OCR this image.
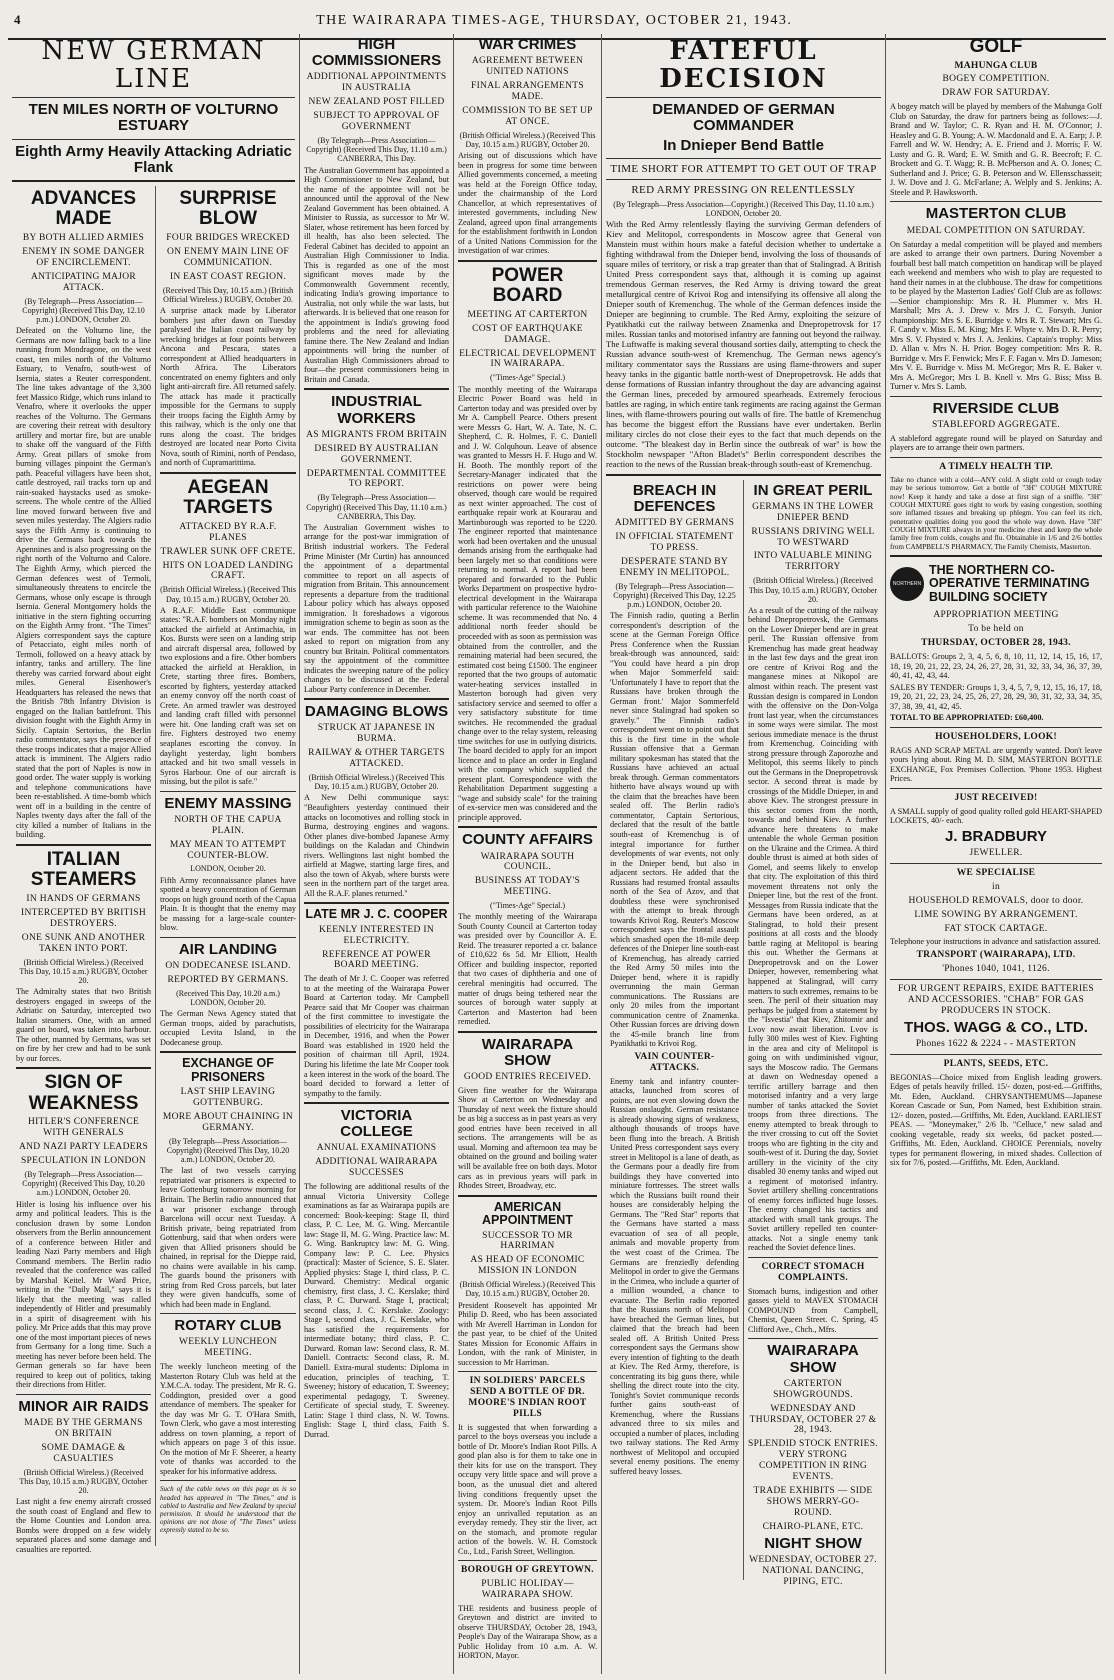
4	THE WAIRARAPA TIMES-AGE, THURSDAY, OCTOBER 21, 1943.
NEW GERMAN LINE
TEN MILES NORTH OF VOLTURNO ESTUARY
Eighth Army Heavily Attacking Adriatic Flank
ADVANCES MADE
BY BOTH ALLIED ARMIES
ENEMY IN SOME DANGER OF ENCIRCLEMENT.
ANTICIPATING MAJOR ATTACK.
(By Telegraph—Press Association—Copyright) (Received This Day, 12.10 p.m.) LONDON, October 20.
Defeated on the Volturno line, the Germans are now falling back to a line running from Mondragone, on the west coast, ten miles north of the Volturno Estuary, to Venafro, south-west of Isernia, states a Reuter correspondent. The line takes advantage of the 3,300 feet Massico Ridge, which runs inland to Venafro, where it overlooks the upper reaches of the Volturno. The Germans are covering their retreat with desultory artillery and mortar fire, but are unable to shake off the vanguard of the Fifth Army. Great pillars of smoke from burning villages pinpoint the German's path. Peaceful villagers have been shot, cattle destroyed, rail tracks torn up and rain-soaked haystacks used as smoke-screens. The whole centre of the Allied line moved forward between five and seven miles yesterday. The Algiers radio says the Fifth Army is continuing to drive the Germans back towards the Apennines and is also progressing on the right north of the Volturno and Calore. The Eighth Army, which pierced the German defences west of Termoli, simultaneously threatens to encircle the Germans, whose only escape is through Isernia. General Montgomery holds the initiative in the stern fighting occurring on the Eighth Army front. "The Times" Algiers correspondent says the capture of Petacciato, eight miles north of Termoli, followed on a heavy attack by infantry, tanks and artillery. The line thereby was carried forward about eight miles. General Eisenhower's Headquarters has released the news that the British 78th Infantry Division is engaged on the Italian battlefront. This division fought with the Eighth Army in Sicily. Captain Sertorius, the Berlin radio commentator, says the presence of these troops indicates that a major Allied attack is imminent. The Algiers radio stated that the port of Naples is now in good order. The water supply is working and telephone communications have been re-established. A time-bomb which went off in a building in the centre of Naples twenty days after the fall of the city killed a number of Italians in the building.
ITALIAN STEAMERS
IN HANDS OF GERMANS
INTERCEPTED BY BRITISH DESTROYERS.
ONE SUNK AND ANOTHER TAKEN INTO PORT.
(British Official Wireless.) (Received This Day, 10.15 a.m.) RUGBY, October 20.
The Admiralty states that two British destroyers engaged in sweeps of the Adriatic on Saturday, intercepted two Italian steamers. One, with an armed guard on board, was taken into harbour. The other, manned by Germans, was set on fire by her crew and had to be sunk by our forces.
SIGN OF WEAKNESS
HITLER'S CONFERENCE WITH GENERALS
AND NAZI PARTY LEADERS
SPECULATION IN LONDON
(By Telegraph—Press Association—Copyright) (Received This Day, 10.20 a.m.) LONDON, October 20.
Hitler is losing his influence over his army and political leaders. This is the conclusion drawn by some London observers from the Berlin announcement of a conference between Hitler and leading Nazi Party members and High Command members. The Berlin radio revealed that the conference was called by Marshal Keitel. Mr Ward Price, writing in the "Daily Mail," says it is likely that the meeting was called independently of Hitler and presumably in a spirit of disagreement with his policy. Mr Price adds that this may prove one of the most important pieces of news from Germany for a long time. Such a meeting has never before been held. The German generals so far have been required to keep out of politics, taking their directions from Hitler.
MINOR AIR RAIDS
MADE BY THE GERMANS ON BRITAIN
SOME DAMAGE & CASUALTIES
(British Official Wireless.) (Received This Day, 10.15 a.m.) RUGBY, October 20.
Last night a few enemy aircraft crossed the south coast of England and flew to the Home Counties and London area. Bombs were dropped on a few widely separated places and some damage and casualties are reported.
SURPRISE BLOW
FOUR BRIDGES WRECKED
ON ENEMY MAIN LINE OF COMMUNICATION.
IN EAST COAST REGION.
(Received This Day, 10.15 a.m.) (British Official Wireless.) RUGBY, October 20.
A surprise attack made by Liberator bombers just after dawn on Tuesday paralysed the Italian coast railway by wrecking bridges at four points between Ancona and Pescara, states a correspondent at Allied headquarters in North Africa. The Liberators concentrated on enemy fighters and only light anti-aircraft fire. All returned safely. The attack has made it practically impossible for the Germans to supply their troops facing the Eighth Army by this railway, which is the only one that runs along the coast. The bridges destroyed are located near Porto Civita Nova, south of Rimini, north of Pendaso, and north of Cupramarittima.
AEGEAN TARGETS
ATTACKED BY R.A.F. PLANES
TRAWLER SUNK OFF CRETE.
HITS ON LOADED LANDING CRAFT.
(British Official Wireless.) (Received This Day, 10.15 a.m.) RUGBY, October 20.
A R.A.F. Middle East communique states: "R.A.F. bombers on Monday night attacked the airfield at Antimachia, in Kos. Bursts were seen on a landing strip and aircraft dispersal area, followed by two explosions and a fire. Other bombers attacked the airfield at Heraklion, in Crete, starting three fires. Bombers, escorted by fighters, yesterday attacked an enemy convoy off the north coast of Crete. An armed trawler was destroyed and landing craft filled with personnel were hit. One landing craft was set on fire. Fighters destroyed two enemy seaplanes escorting the convoy. In daylight yesterday, light bombers attacked and hit two small vessels in Syros Harbour. One of our aircraft is missing, but the pilot is safe."
ENEMY MASSING
NORTH OF THE CAPUA PLAIN.
MAY MEAN TO ATTEMPT COUNTER-BLOW.
LONDON, October 20.
Fifth Army reconnaissance planes have spotted a heavy concentration of German troops on high ground north of the Capua Plain. It is thought that the enemy may be massing for a large-scale counter-blow.
AIR LANDING
ON DODECANESE ISLAND.
REPORTED BY GERMANS.
(Received This Day, 10.20 a.m.) LONDON, October 20.
The German News Agency stated that German troops, aided by parachutists, occupied Levita Island, in the Dodecanese group.
EXCHANGE OF PRISONERS
LAST SHIP LEAVING GOTTENBURG.
MORE ABOUT CHAINING IN GERMANY.
(By Telegraph—Press Association—Copyright) (Received This Day, 10.20 a.m.) LONDON, October 20.
The last of two vessels carrying repatriated war prisoners is expected to leave Gottenburg tomorrow morning for Britain. The Berlin radio announced that a war prisoner exchange through Barcelona will occur next Tuesday. A British private, being repatriated from Gottenburg, said that when orders were given that Allied prisoners should be chained, in reprisal for the Dieppe raid, no chains were available in his camp. The guards bound the prisoners with string from Red Cross parcels, but later they were given handcuffs, some of which had been made in England.
ROTARY CLUB
WEEKLY LUNCHEON MEETING.
The weekly luncheon meeting of the Masterton Rotary Club was held at the Y.M.C.A. today. The president, Mr R. G. Coddington, presided over a good attendance of members. The speaker for the day was Mr G. T. O'Hara Smith, Town Clerk, who gave a most interesting address on town planning, a report of which appears on page 3 of this issue. On the motion of Mr F. Sheerer, a hearty vote of thanks was accorded to the speaker for his informative address.
Such of the cable news on this page as is so headed has appeared in "The Times," and is cabled to Australia and New Zealand by special permission. It should be understood that the opinions are not those of "The Times" unless expressly stated to be so.
HIGH COMMISSIONERS
ADDITIONAL APPOINTMENTS IN AUSTRALIA
NEW ZEALAND POST FILLED
SUBJECT TO APPROVAL OF GOVERNMENT
(By Telegraph—Press Association—Copyright) (Received This Day, 11.10 a.m.) CANBERRA, This Day.
The Australian Government has appointed a High Commissioner to New Zealand, but the name of the appointee will not be announced until the approval of the New Zealand Government has been obtained. A Minister to Russia, as successor to Mr W. Slater, whose retirement has been forced by ill health, has also been selected. The Federal Cabinet has decided to appoint an Australian High Commissioner to India. This is regarded as one of the most significant moves made by the Commonwealth Government recently, indicating India's growing importance to Australia, not only while the war lasts, but afterwards. It is believed that one reason for the appointment is India's growing food problems and the need for alleviating famine there. The New Zealand and Indian appointments will bring the number of Australian High Commissioners abroad to four—the present commissioners being in Britain and Canada.
INDUSTRIAL WORKERS
AS MIGRANTS FROM BRITAIN
DESIRED BY AUSTRALIAN GOVERNMENT.
DEPARTMENTAL COMMITTEE TO REPORT.
(By Telegraph—Press Association—Copyright) (Received This Day, 11.10 a.m.) CANBERRA, This Day.
The Australian Government wishes to arrange for the post-war immigration of British industrial workers. The Federal Prime Minister (Mr Curtin) has announced the appointment of a departmental committee to report on all aspects of migration from Britain. This announcement represents a departure from the traditional Labour policy which has always opposed immigration. It foreshadows a vigorous immigration scheme to begin as soon as the war ends. The committee has not been asked to report on migration from any country but Britain. Political commentators say the appointment of the committee indicates the sweeping nature of the policy changes to be discussed at the Federal Labour Party conference in December.
DAMAGING BLOWS
STRUCK AT JAPANESE IN BURMA.
RAILWAY & OTHER TARGETS ATTACKED.
(British Official Wireless.) (Received This Day, 10.15 a.m.) RUGBY, October 20.
A New Delhi communique says: "Beaufighters yesterday continued their attacks on locomotives and rolling stock in Burma, destroying engines and wagons. Other planes dive-bombed Japanese Army buildings on the Kaladan and Chindwin rivers. Wellingtons last night bombed the airfield at Magwe, starting large fires, and also the town of Akyab, where bursts were seen in the northern part of the target area. All the R.A.F. planes returned."
LATE MR J. C. COOPER
KEENLY INTERESTED IN ELECTRICITY.
REFERENCE AT POWER BOARD MEETING.
The death of Mr J. C. Cooper was referred to at the meeting of the Wairarapa Power Board at Carterton today. Mr Campbell Pearce said that Mr Cooper was chairman of the first committee to investigate the possibilities of electricity for the Wairarapa in December, 1916, and when the Power Board was established in 1920 held the position of chairman till April, 1924. During his lifetime the late Mr Cooper took a keen interest in the work of the board. The board decided to forward a letter of sympathy to the family.
VICTORIA COLLEGE
ANNUAL EXAMINATIONS
ADDITIONAL WAIRARAPA SUCCESSES
The following are additional results of the annual Victoria University College examinations as far as Wairarapa pupils are concerned: Book-keeping: Stage II, third class, P. C. Lee, M. G. Wing. Mercantile law: Stage II, M. G. Wing. Practice law: M. G. Wing. Bankruptcy law: M. G. Wing. Company law: P. C. Lee. Physics (practical): Master of Science, S. E. Slater. Applied physics: Stage I, third class, P. C. Durward. Chemistry: Medical organic chemistry, first class, J. C. Kerslake; third class, P. C. Durward. Stage I, practical; second class, J. C. Kerslake. Zoology: Stage I, second class, J. C. Kerslake, who has satisfied the requirements for intermediate botany; third class, P. C. Durward. Roman law: Second class, R. M. Daniell. Contracts: Second class, R. M. Daniell. Extra-mural students: Diploma in education, principles of teaching, T. Sweeney; history of education, T. Sweeney; experimental pedagogy, T. Sweeney. Certificate of special study, T. Sweeney. Latin: Stage I third class, N. W. Towns. English: Stage I, third class, Faith S. Durrad.
WAR CRIMES
AGREEMENT BETWEEN UNITED NATIONS
FINAL ARRANGEMENTS MADE.
COMMISSION TO BE SET UP AT ONCE.
(British Official Wireless.) (Received This Day, 10.15 a.m.) RUGBY, October 20.
Arising out of discussions which have been in progress for some time between Allied governments concerned, a meeting was held at the Foreign Office today, under the chairmanship of the Lord Chancellor, at which representatives of interested governments, including New Zealand, agreed upon final arrangements for the establishment forthwith in London of a United Nations Commission for the investigation of war crimes.
POWER BOARD
MEETING AT CARTERTON
COST OF EARTHQUAKE DAMAGE.
ELECTRICAL DEVELOPMENT IN WAIRARAPA.
("Times-Age" Special.)
The monthly meeting of the Wairarapa Electric Power Board was held in Carterton today and was presided over by Mr A. Campbell Pearce. Others present were Messrs G. Hart, W. A. Tate, N. C. Shepherd, C. R. Holmes, F. C. Daniell and J. W. Colquhoun. Leave of absence was granted to Messrs H. F. Hugo and W. H. Booth. The monthly report of the Secretary-Manager indicated that the restrictions on power were being observed, though care would be required as next winter approached. The cost of earthquake repair work at Kourarau and Martinborough was reported to be £220. The engineer reported that maintenance work had been overtaken and the unusual demands arising from the earthquake had been largely met so that conditions were returning to normal. A report had been prepared and forwarded to the Public Works Department on prospective hydro-electrical development in the Wairarapa with particular reference to the Waiohine scheme. It was recommended that No. 4 additional north feeder should be proceeded with as soon as permission was obtained from the controller, and the remaining material had been secured, the estimated cost being £1500. The engineer reported that the two groups of automatic water-heating services installed in Masterton borough had given very satisfactory service and seemed to offer a very satisfactory substitute for time switches. He recommended the gradual change over to the relay system, releasing time switches for use in outlying districts. The board decided to apply for an import licence and to place an order in England with the company which supplied the present plant. Correspondence with the Rehabilitation Department suggesting a "wage and subsidy scale" for the training of ex-service men was considered and the principle approved.
COUNTY AFFAIRS
WAIRARAPA SOUTH COUNCIL.
BUSINESS AT TODAY'S MEETING.
("Times-Age" Special.)
The monthly meeting of the Wairarapa South County Council at Carterton today was presided over by Councillor A. E. Reid. The treasurer reported a cr. balance of £10,622 6s 5d. Mr Elliott, Health Officer and building inspector, reported that two cases of diphtheria and one of cerebral meningitis had occurred. The matter of drugs being tethered near the sources of borough water supply at Carterton and Masterton had been remedied.
WAIRARAPA SHOW
GOOD ENTRIES RECEIVED.
Given fine weather for the Wairarapa Show at Carterton on Wednesday and Thursday of next week the fixture should be as big a success as in past years as very good entries have been received in all sections. The arrangements will be as usual. Morning and afternoon tea may be obtained on the ground and boiling water will be available free on both days. Motor cars as in previous years will park in Rhodes Street, Broadway, etc.
AMERICAN APPOINTMENT
SUCCESSOR TO MR HARRIMAN
AS HEAD OF ECONOMIC MISSION IN LONDON
(British Official Wireless.) (Received This Day, 10.15 a.m.) RUGBY, October 20.
President Roosevelt has appointed Mr Philip D. Reed, who has been associated with Mr Averell Harriman in London for the past year, to be chief of the United States Mission for Economic Affairs in London, with the rank of Minister, in succession to Mr Harriman.
IN SOLDIERS' PARCELS SEND A BOTTLE OF DR. MOORE'S INDIAN ROOT PILLS
It is suggested that when forwarding a parcel to the boys overseas you include a bottle of Dr. Moore's Indian Root Pills. A good plan also is for them to take one in their kits for use on the transport. They occupy very little space and will prove a boon, as the unusual diet and altered living conditions frequently upset the system. Dr. Moore's Indian Root Pills enjoy an unrivalled reputation as an everyday remedy. They stir the liver, act on the stomach, and promote regular action of the bowels. W. H. Comstock Co., Ltd., Farish Street, Wellington.
BOROUGH OF GREYTOWN.
PUBLIC HOLIDAY—WAIRARAPA SHOW.
THE residents and business people of Greytown and district are invited to observe THURSDAY, October 28, 1943, People's Day of the Wairarapa Show, as a Public Holiday from 10 a.m. A. W. HORTON, Mayor.
FATEFUL DECISION
DEMANDED OF GERMAN COMMANDER
In Dnieper Bend Battle
TIME SHORT FOR ATTEMPT TO GET OUT OF TRAP
RED ARMY PRESSING ON RELENTLESSLY
(By Telegraph—Press Association—Copyright.) (Received This Day, 11.10 a.m.) LONDON, October 20.
With the Red Army relentlessly flaying the surviving German defenders of Kiev and Melitopol, correspondents in Moscow agree that General von Manstein must within hours make a fateful decision whether to undertake a fighting withdrawal from the Dnieper bend, involving the loss of thousands of square miles of territory, or risk a trap greater than that of Stalingrad. A British United Press correspondent says that, although it is coming up against tremendous German reserves, the Red Army is driving toward the great metallurgical centre of Krivoi Rog and intensifying its offensive all along the Dnieper south of Kremenchug. The whole of the German defences inside the Dnieper are beginning to crumble. The Red Army, exploiting the seizure of Pyatikhatki cut the railway between Znamenka and Dnepropetrovsk for 17 miles. Russian tanks and motorised infantry are fanning out beyond the railway. The Luftwaffe is making several thousand sorties daily, attempting to check the Russian advance south-west of Kremenchug. The German news agency's military commentator says the Russians are using flame-throwers and super heavy tanks in the gigantic battle north-west of Dnepropetrovsk. He adds that dense formations of Russian infantry throughout the day are advancing against the German lines, preceded by armoured spearheads. Extremely ferocious battles are raging, in which entire tank regiments are racing against the German lines, with flame-throwers pouring out walls of fire. The battle of Kremenchug has become the biggest effort the Russians have ever undertaken. Berlin military circles do not close their eyes to the fact that much depends on the outcome. "The bleakest day in Berlin since the outbreak of war" is how the Stockholm newspaper "Afton Bladet's" Berlin correspondent describes the reaction to the news of the Russian break-through south-east of Kremenchug.
BREACH IN DEFENCES
ADMITTED BY GERMANS
IN OFFICIAL STATEMENT TO PRESS.
DESPERATE STAND BY ENEMY IN MELITOPOL.
(By Telegraph—Press Association—Copyright) (Received This Day, 12.25 p.m.) LONDON, October 20.
The Finnish radio, quoting a Berlin correspondent's description of the scene at the German Foreign Office Press Conference when the Russian break-through was announced, said: "You could have heard a pin drop when Major Sommerfeld said: 'Unfortunately I have to report that the Russians have broken through the German front.' Major Sommerfeld never since Stalingrad had spoken so gravely." The Finnish radio's correspondent went on to point out that this is the first time in the whole Russian offensive that a German military spokesman has stated that the Russians have achieved an actual break through. German commentators hitherto have always wound up with the claim that the breaches have been sealed off. The Berlin radio's commentator, Captain Sertorious, declared that the result of the battle south-east of Kremenchug is of integral importance for further developments of war events, not only in the Dnieper bend, but also in adjacent sectors. He added that the Russians had resumed frontal assaults north of the Sea of Azov, and that doubtless these were synchronised with the attempt to break through towards Krivoi Rog. Reuter's Moscow correspondent says the frontal assault which smashed open the 18-mile deep defences of the Dnieper line south-east of Kremenchug, has already carried the Red Army 50 miles into the Dnieper bend, where it is rapidly overrunning the main German communications. The Russians are only 20 miles from the important communication centre of Znamenka. Other Russian forces are driving down the 45-mile branch line from Pyatikhatki to Krivoi Rog.
VAIN COUNTER-ATTACKS.
Enemy tank and infantry counter-attacks, launched from scores of points, are not even slowing down the Russian onslaught. German resistance is already showing signs of weakness, although thousands of troops have been flung into the breach. A British United Press correspondent says every street in Melitopol is a lane of death, as the Germans pour a deadly fire from buildings they have converted into miniature fortresses. The street walls which the Russians built round their houses are considerably helping the Germans. The "Red Star" reports that the Germans have started a mass evacuation of sea of all people, animals and movable property from the west coast of the Crimea. The Germans are frenziedly defending Melitopol in order to give the Germans in the Crimea, who include a quarter of a million wounded, a chance to evacuate. The Berlin radio reported that the Russians north of Melitopol have breached the German lines, but claimed that the breach had been sealed off. A British United Press correspondent says the Germans show every intention of fighting to the death at Kiev. The Red Army, therefore, is concentrating its big guns there, while shelling the direct route into the city. Tonight's Soviet communique records further gains south-east of Kremenchug, where the Russians advanced three to six miles and occupied a number of places, including two railway stations. The Red Army northwest of Melitopol and occupied several enemy positions. The enemy suffered heavy losses.
IN GREAT PERIL
GERMANS IN THE LOWER DNIEPER BEND
RUSSIANS DRIVING WELL TO WESTWARD
INTO VALUABLE MINING TERRITORY
(British Official Wireless.) (Received This Day, 10.15 a.m.) RUGBY, October 20.
As a result of the cutting of the railway behind Dnepropetrovsk, the Germans on the Lower Dnieper bend are in great peril. The Russian offensive from Kremenchug has made great headway in the last few days and the great iron ore centre of Krivoi Rog and the manganese mines at Nikopol are almost within reach. The present vast Russian design is compared in London with the offensive on the Don-Volga front last year, when the circumstances in some ways were similar. The most serious immediate menace is the thrust from Kremenchug. Coinciding with strong pressure through Zaporozhe and Melitopol, this seems likely to pinch out the Germans in the Dnepropetrovsk sector. A second threat is made by crossings of the Middle Dnieper, in and above Kiev. The strongest pressure in this sector comes from the north, towards and behind Kiev. A further advance here threatens to make untenable the whole German position on the Ukraine and the Crimea. A third double thrust is aimed at both sides of Gomel, and seems likely to envelop that city. The exploitation of this third movement threatens not only the Dnieper line, but the rest of the front. Messages from Russia indicate that the Germans have been ordered, as at Stalingrad, to hold their present positions at all costs and the bloody battle raging at Melitopol is bearing this out. Whether the Germans at Dnepropetrovsk and on the Lower Dnieper, however, remembering what happened at Stalingrad, will carry matters to such extremes, remains to be seen. The peril of their situation may perhaps be judged from a statement by the "Isvestia" that Kiev, Zhitomir and Lvov now await liberation. Lvov is fully 300 miles west of Kiev. Fighting in the area and city of Melitopol is going on with undiminished vigour, says the Moscow radio. The Germans at dawn on Wednesday opened a terrific artillery barrage and then motorised infantry and a very large number of tanks attacked the Soviet troops from three directions. The enemy attempted to break through to the river crossing to cut off the Soviet troops who are fighting in the city and south-west of it. During the day, Soviet artillery in the vicinity of the city disabled 30 enemy tanks and wiped out a regiment of motorised infantry. Soviet artillery shelling concentrations of enemy forces inflicted huge losses. The enemy changed his tactics and attacked with small tank groups. The Soviet artillery repelled ten counter-attacks. Not a single enemy tank reached the Soviet defence lines.
CORRECT STOMACH COMPLAINTS.
Stomach burns, indigestion and other gasses yield to MAVEX STOMACH COMPOUND from Campbell, Chemist, Queen Street. C. Spring, 45 Clifford Ave., Chch., Mfrs.
WAIRARAPA SHOW
CARTERTON SHOWGROUNDS.
WEDNESDAY AND THURSDAY, OCTOBER 27 & 28, 1943.
SPLENDID STOCK ENTRIES. VERY STRONG COMPETITION IN RING EVENTS.
TRADE EXHIBITS — SIDE SHOWS MERRY-GO-ROUND.
CHAIRO-PLANE, ETC.
NIGHT SHOW
WEDNESDAY, OCTOBER 27. NATIONAL DANCING, PIPING, ETC.
GOLF
MAHUNGA CLUB
BOGEY COMPETITION.
DRAW FOR SATURDAY.
A bogey match will be played by members of the Mahunga Golf Club on Saturday, the draw for partners being as follows:—J. Brand and W. Taylor; C. R. Ryan and H. M. O'Connor; J. Heasley and G. B. Young; A. W. Macdonald and E. A. Earp; J. P. Farrell and W. W. Hendry; A. E. Friend and J. Morris; F. W. Lusty and G. R. Ward; E. W. Smith and G. R. Beecroft; F. C. Brockett and G. T. Wagg; R. B. McPherson and A. O. Jones; C. Sutherland and J. Price; G. B. Peterson and W. Ellensschasseit; J. W. Dove and J. G. McFarlane; A. Welply and S. Jenkins; A. Steele and P. Hawksworth.
MASTERTON CLUB
MEDAL COMPETITION ON SATURDAY.
On Saturday a medal competition will be played and members are asked to arrange their own partners. During November a fourball best ball match competition on handicap will be played each weekend and members who wish to play are requested to hand their names in at the clubhouse. The draw for competitions to be played by the Masterton Ladies' Golf Club are as follows:—Senior championship: Mrs R. H. Plummer v. Mrs H. Marshall; Mrs A. J. Drew v. Mrs J. C. Forsyth. Junior championship: Mrs S. E. Burridge v. Mrs R. T. Stewart; Mrs G. F. Candy v. Miss E. M. King; Mrs F. Whyte v. Mrs D. R. Perry; Mrs S. V. Fhysted v. Mrs J. A. Jenkins. Captain's trophy: Miss D. Allan v. Mrs N. H. Prior. Bogey competition: Mrs R. R. Burridge v. Mrs F. Fenwick; Mrs F. F. Fagan v. Mrs D. Jameson; Mrs V. E. Burridge v. Miss M. McGregor; Mrs R. E. Baker v. Mrs A. McGregor; Mrs I. B. Knell v. Mrs G. Biss; Miss B. Turner v. Mrs S. Lamb.
RIVERSIDE CLUB
STABLEFORD AGGREGATE.
A stableford aggregate round will be played on Saturday and players are to arrange their own partners.
A TIMELY HEALTH TIP.
Take no chance with a cold—ANY cold. A slight cold or cough today may be serious tomorrow. Get a bottle of "3H" COUGH MIXTURE now! Keep it handy and take a dose at first sign of a sniffle. "3H" COUGH MIXTURE goes right to work by easing congestion, soothing sore inflamed tissues and breaking up phlegm. You can feel its rich, penetrative qualities doing you good the whole way down. Have "3H" COUGH MIXTURE always in your medicine chest and keep the whole family free from colds, coughs and flu. Obtainable in 1/6 and 2/6 bottles from CAMPBELL'S PHARMACY, The Family Chemists, Masterton.
NORTHERN
THE NORTHERN CO-OPERATIVE TERMINATING BUILDING SOCIETY
APPROPRIATION MEETING
To be held on
THURSDAY, OCTOBER 28, 1943.
BALLOTS: Groups 2, 3, 4, 5, 6, 8, 10, 11, 12, 14, 15, 16, 17, 18, 19, 20, 21, 22, 23, 24, 26, 27, 28, 31, 32, 33, 34, 36, 37, 39, 40, 41, 42, 43, 44.
SALES BY TENDER: Groups 1, 3, 4, 5, 7, 9, 12, 15, 16, 17, 18, 19, 20, 21, 22, 23, 24, 25, 26, 27, 28, 29, 30, 31, 32, 33, 34, 35, 37, 38, 39, 41, 42, 45.
TOTAL TO BE APPROPRIATED: £60,400.
HOUSEHOLDERS, LOOK!
RAGS AND SCRAP METAL are urgently wanted. Don't leave yours lying about. Ring M. D. SIM, MASTERTON BOTTLE EXCHANGE, Fox Premises Collection. 'Phone 1953. Highest Prices.
JUST RECEIVED!
A SMALL supply of good quality rolled gold HEART-SHAPED LOCKETS, 40/- each.
J. BRADBURY
JEWELLER.
WE SPECIALISE
in
HOUSEHOLD REMOVALS, door to door.
LIME SOWING BY ARRANGEMENT.
FAT STOCK CARTAGE.
Telephone your instructions in advance and satisfaction assured.
TRANSPORT (WAIRARAPA), LTD.
'Phones 1040, 1041, 1126.
FOR URGENT REPAIRS, EXIDE BATTERIES AND ACCESSORIES. "CHAB" FOR GAS PRODUCERS IN STOCK.
THOS. WAGG & CO., LTD.
Phones 1622 & 2224 - - MASTERTON
PLANTS, SEEDS, ETC.
BEGONIAS—Choice mixed from English leading growers. Edges of petals heavily frilled. 15/- dozen, post-ed.—Griffiths, Mt. Eden, Auckland. CHRYSANTHEMUMS—Japanese Korean Cascade or Sun, Pom Named, best Exhibition strain. 12/- dozen, posted.—Griffiths, Mt. Eden, Auckland. EARLIEST PEAS. — "Moneymaker," 2/6 lb. "Celluce," new salad and cooking vegetable, ready six weeks, 6d packet posted.—Griffiths, Mt. Eden, Auckland. CHOICE Perennials, novelty types for permanent flowering, in mixed shades. Collection of six for 7/6, posted.—Griffiths, Mt. Eden, Auckland.
